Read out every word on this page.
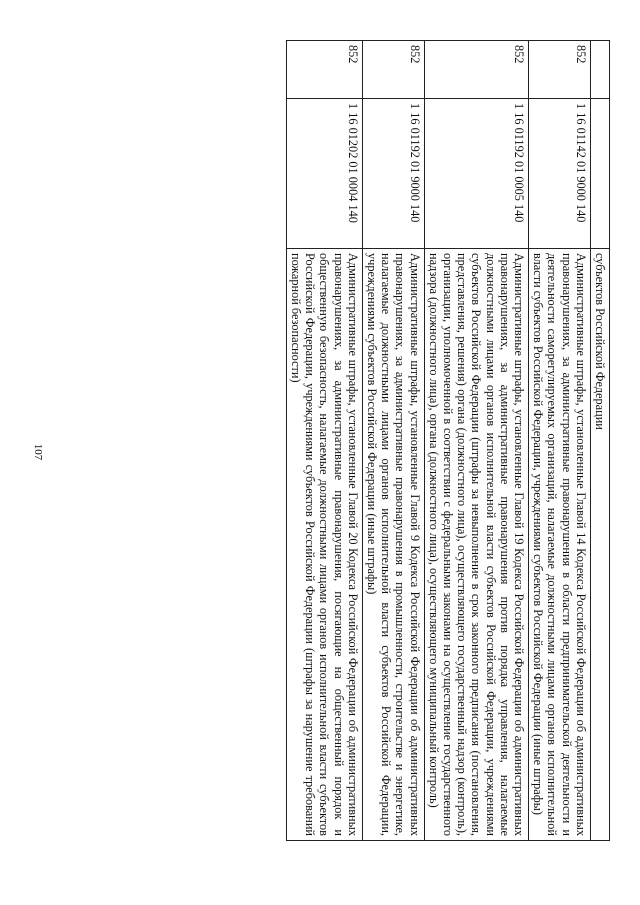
107
		субъектов Российской Федерации
852	1 16 01142 01 9000 140	Административные штрафы, установленные Главой 14 Кодекса Российской Федерации об административных правонарушениях, за административные правонарушения в области предпринимательской деятельности и деятельности саморегулируемых организаций, налагаемые должностными лицами органов исполнительной власти субъектов Российской Федерации, учреждениями субъектов Российской Федерации (иные штрафы)
852	1 16 01192 01 0005 140	Административные штрафы, установленные Главой 19 Кодекса Российской Федерации об административных правонарушениях, за административные правонарушения против порядка управления, налагаемые должностными лицами органов исполнительной власти субъектов Российской Федерации, учреждениями субъектов Российской Федерации (штрафы за невыполнение в срок законного предписания (постановления, представления, решения) органа (должностного лица), осуществляющего государственный надзор (контроль), организации, уполномоченной в соответствии с федеральными законами на осуществление государственного надзора (должностного лица), органа (должностного лица), осуществляющего муниципальный контроль)
852	1 16 01192 01 9000 140	Административные штрафы, установленные Главой 9 Кодекса Российской Федерации об административных правонарушениях, за административные правонарушения в промышленности, строительстве и энергетике, налагаемые должностными лицами органов исполнительной власти субъектов Российской Федерации, учреждениями субъектов Российской Федерации (иные штрафы)
852	1 16 01202 01 0004 140	Административные штрафы, установленные Главой 20 Кодекса Российской Федерации об административных правонарушениях, за административные правонарушения, посягающие на общественный порядок и общественную безопасность, налагаемые должностными лицами органов исполнительной власти субъектов Российской Федерации, учреждениями субъектов Российской Федерации (штрафы за нарушение требований пожарной безопасности)
